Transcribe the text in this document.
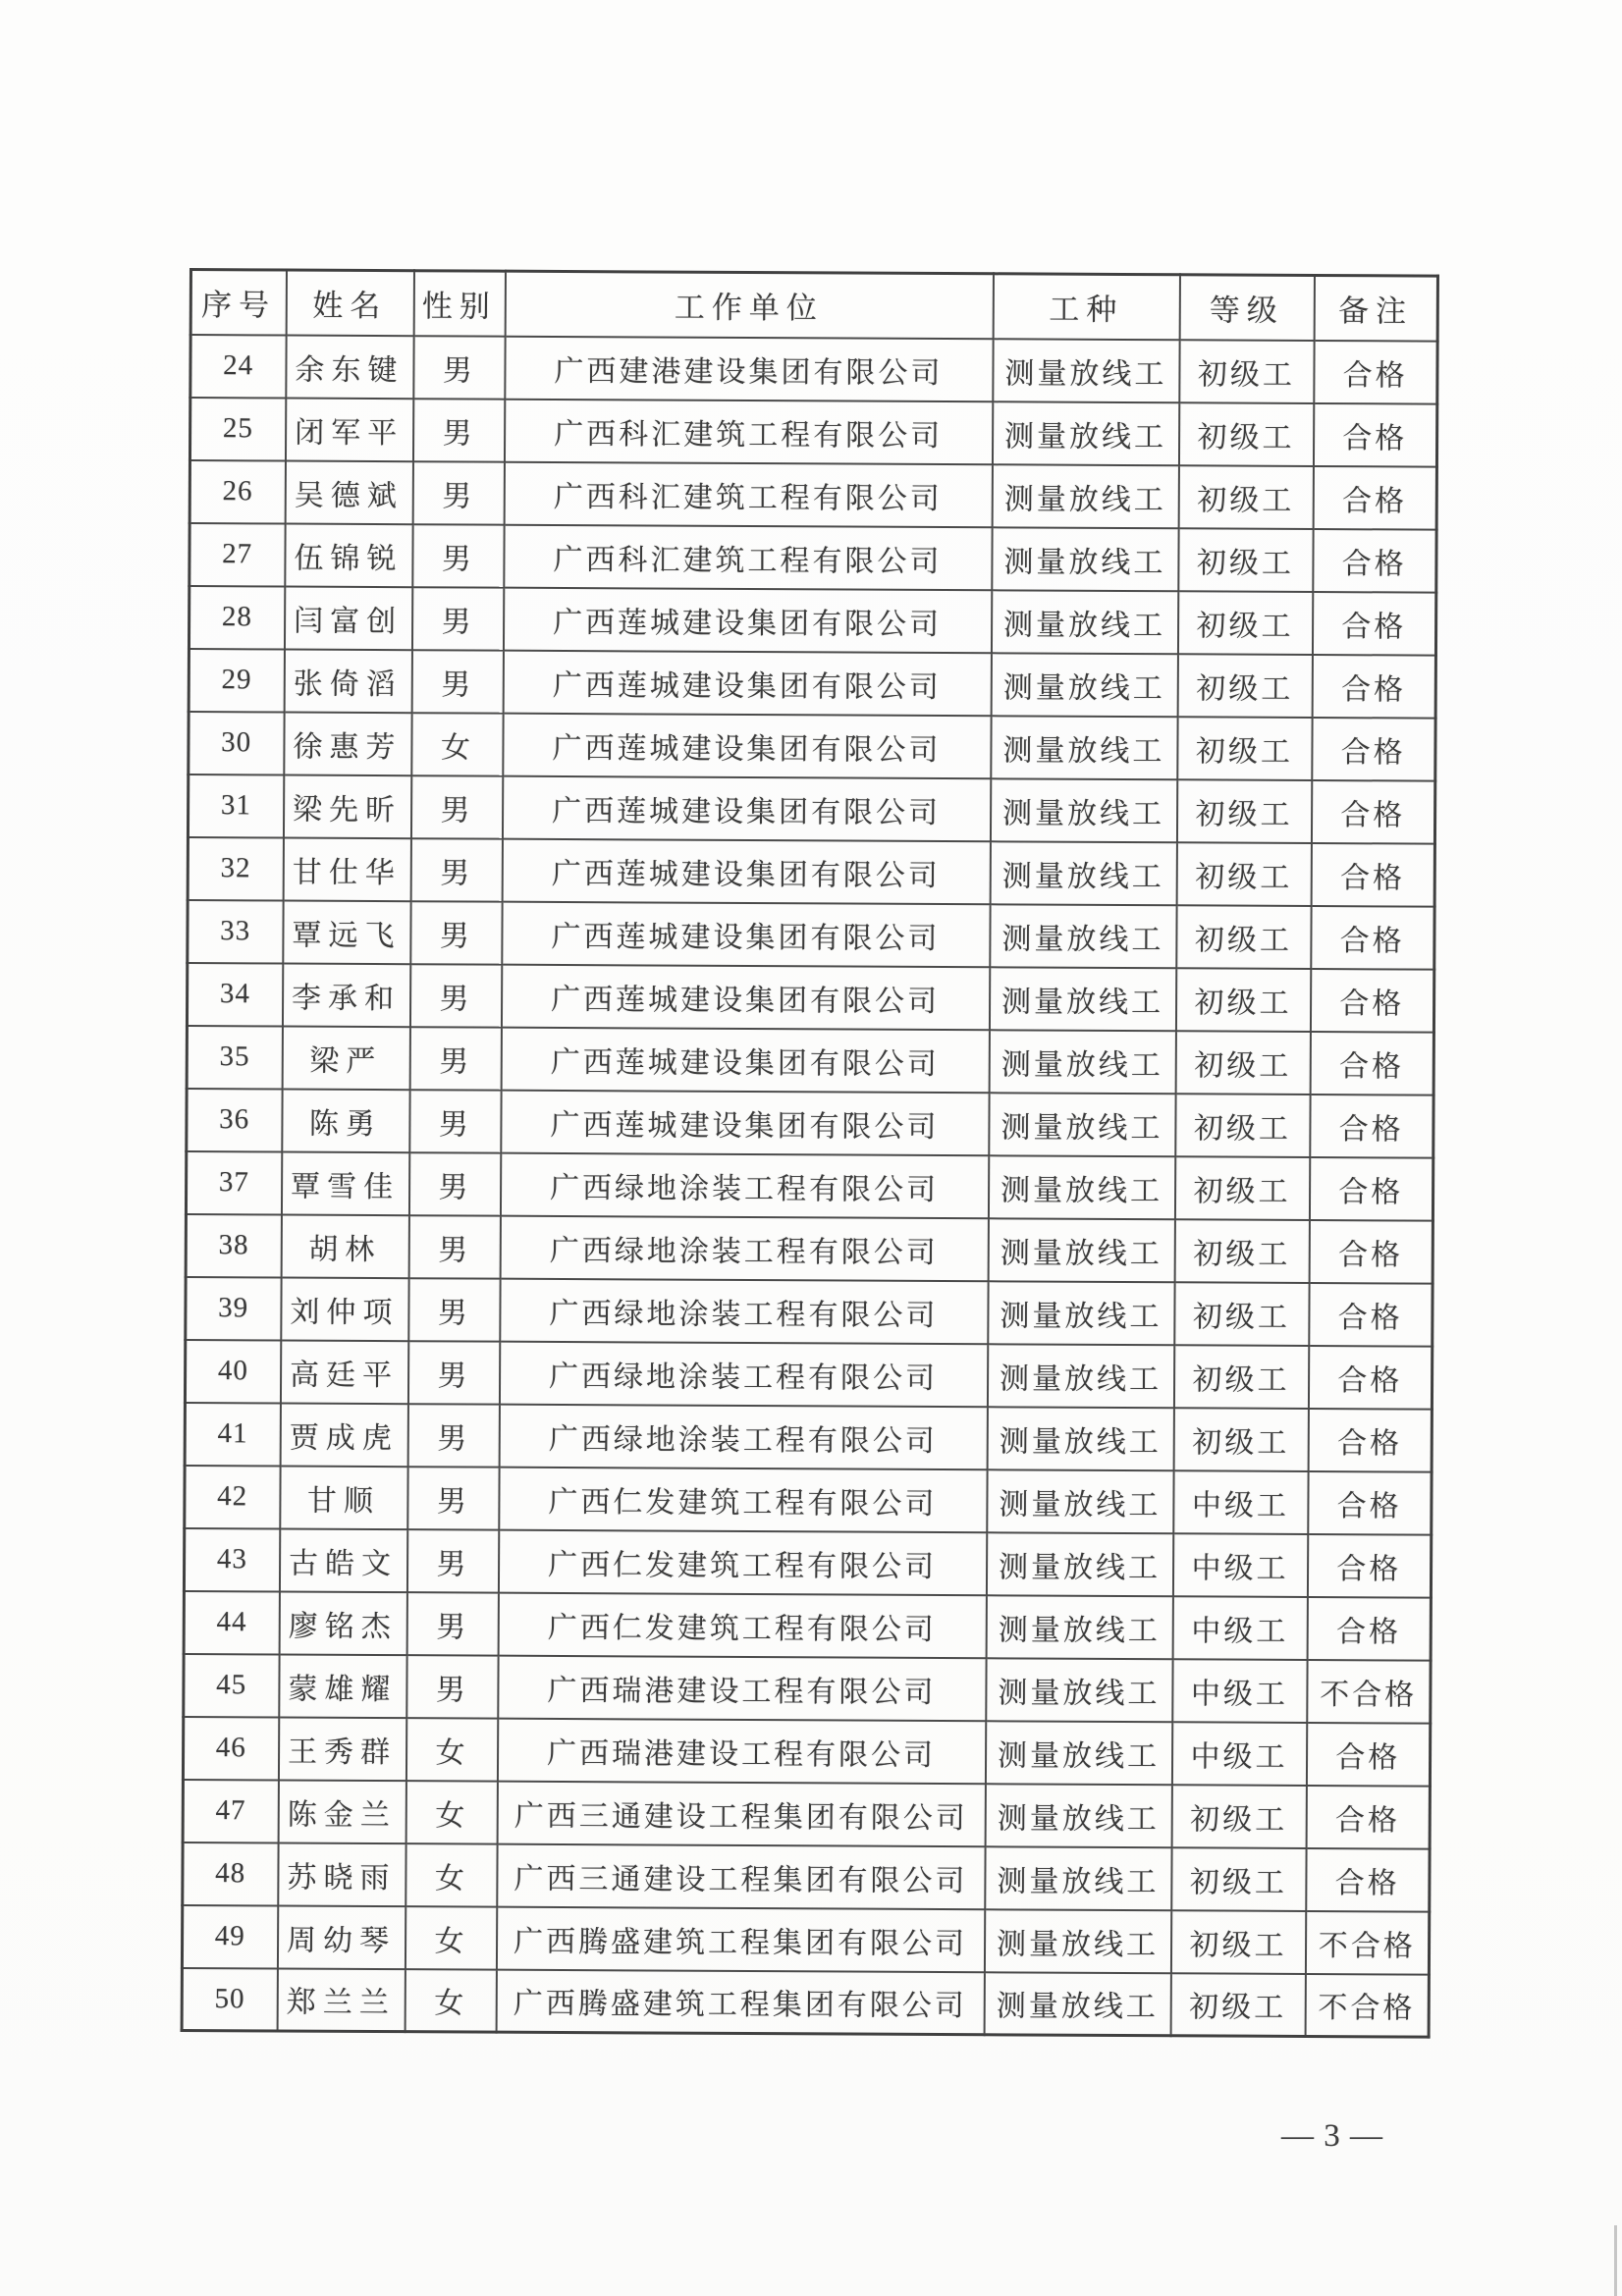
序号	姓名	性别	工作单位	工种	等级	备注
24	余东键	男	广西建港建设集团有限公司	测量放线工	初级工	合格
25	闭军平	男	广西科汇建筑工程有限公司	测量放线工	初级工	合格
26	吴德斌	男	广西科汇建筑工程有限公司	测量放线工	初级工	合格
27	伍锦锐	男	广西科汇建筑工程有限公司	测量放线工	初级工	合格
28	闫富创	男	广西莲城建设集团有限公司	测量放线工	初级工	合格
29	张倚滔	男	广西莲城建设集团有限公司	测量放线工	初级工	合格
30	徐惠芳	女	广西莲城建设集团有限公司	测量放线工	初级工	合格
31	梁先昕	男	广西莲城建设集团有限公司	测量放线工	初级工	合格
32	甘仕华	男	广西莲城建设集团有限公司	测量放线工	初级工	合格
33	覃远飞	男	广西莲城建设集团有限公司	测量放线工	初级工	合格
34	李承和	男	广西莲城建设集团有限公司	测量放线工	初级工	合格
35	梁严	男	广西莲城建设集团有限公司	测量放线工	初级工	合格
36	陈勇	男	广西莲城建设集团有限公司	测量放线工	初级工	合格
37	覃雪佳	男	广西绿地涂装工程有限公司	测量放线工	初级工	合格
38	胡林	男	广西绿地涂装工程有限公司	测量放线工	初级工	合格
39	刘仲项	男	广西绿地涂装工程有限公司	测量放线工	初级工	合格
40	高廷平	男	广西绿地涂装工程有限公司	测量放线工	初级工	合格
41	贾成虎	男	广西绿地涂装工程有限公司	测量放线工	初级工	合格
42	甘顺	男	广西仁发建筑工程有限公司	测量放线工	中级工	合格
43	古皓文	男	广西仁发建筑工程有限公司	测量放线工	中级工	合格
44	廖铭杰	男	广西仁发建筑工程有限公司	测量放线工	中级工	合格
45	蒙雄耀	男	广西瑞港建设工程有限公司	测量放线工	中级工	不合格
46	王秀群	女	广西瑞港建设工程有限公司	测量放线工	中级工	合格
47	陈金兰	女	广西三通建设工程集团有限公司	测量放线工	初级工	合格
48	苏晓雨	女	广西三通建设工程集团有限公司	测量放线工	初级工	合格
49	周幼琴	女	广西腾盛建筑工程集团有限公司	测量放线工	初级工	不合格
50	郑兰兰	女	广西腾盛建筑工程集团有限公司	测量放线工	初级工	不合格
— 3 —
